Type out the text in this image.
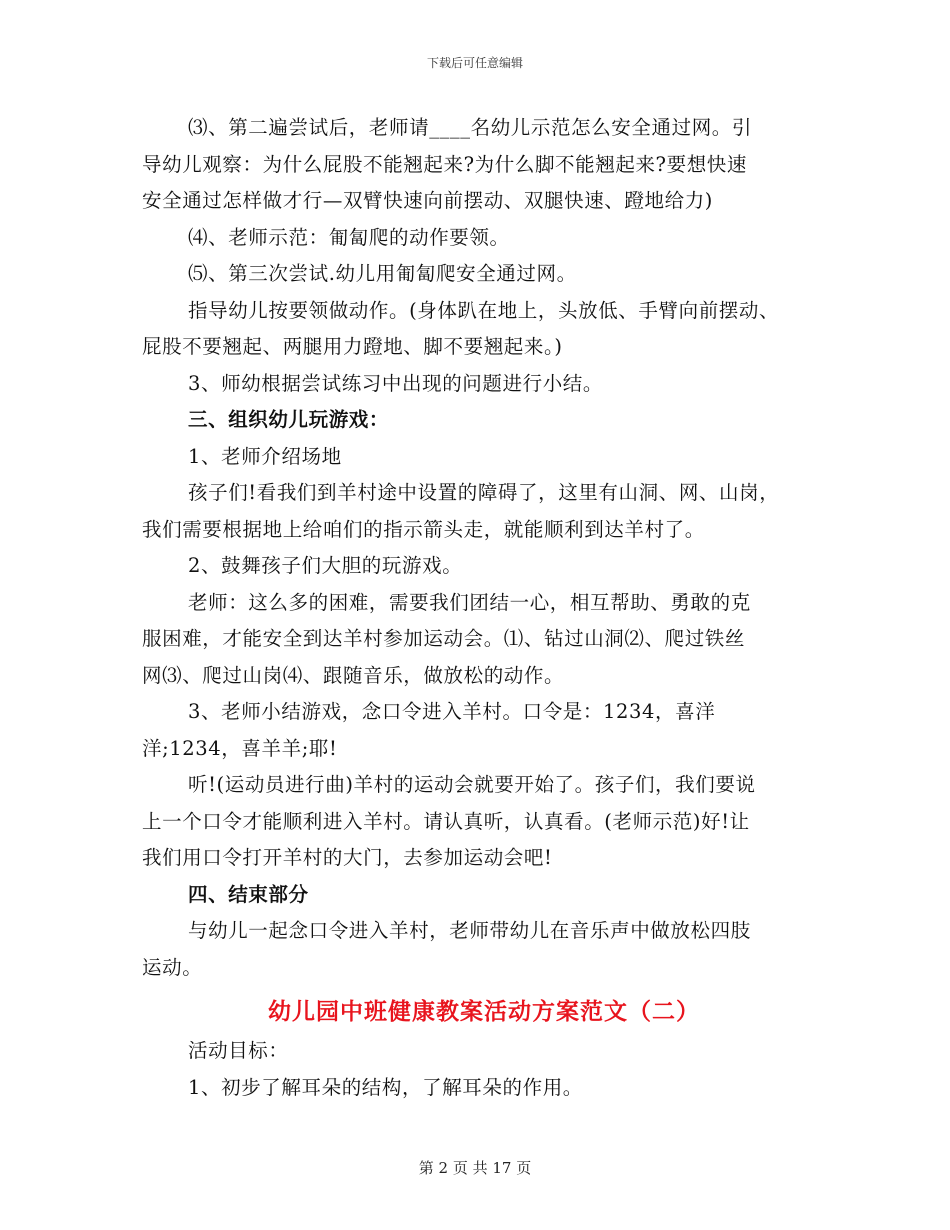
下载后可任意编辑
⑶、第二遍尝试后，老师请____名幼儿示范怎么安全通过网。引
导幼儿观察：为什么屁股不能翘起来?为什么脚不能翘起来?要想快速
安全通过怎样做才行—双臂快速向前摆动、双腿快速、蹬地给力)
⑷、老师示范：匍匐爬的动作要领。
⑸、第三次尝试.幼儿用匍匐爬安全通过网。
指导幼儿按要领做动作。(身体趴在地上，头放低、手臂向前摆动、
屁股不要翘起、两腿用力蹬地、脚不要翘起来。)
3、师幼根据尝试练习中出现的问题进行小结。
三、组织幼儿玩游戏：
1、老师介绍场地
孩子们!看我们到羊村途中设置的障碍了，这里有山洞、网、山岗，
我们需要根据地上给咱们的指示箭头走，就能顺利到达羊村了。
2、鼓舞孩子们大胆的玩游戏。
老师：这么多的困难，需要我们团结一心，相互帮助、勇敢的克
服困难，才能安全到达羊村参加运动会。⑴、钻过山洞⑵、爬过铁丝
网⑶、爬过山岗⑷、跟随音乐，做放松的动作。
3、老师小结游戏，念口令进入羊村。口令是：1234，喜洋
洋;1234，喜羊羊;耶!
听!(运动员进行曲)羊村的运动会就要开始了。孩子们，我们要说
上一个口令才能顺利进入羊村。请认真听，认真看。(老师示范)好!让
我们用口令打开羊村的大门，去参加运动会吧!
四、结束部分
与幼儿一起念口令进入羊村，老师带幼儿在音乐声中做放松四肢
运动。
幼儿园中班健康教案活动方案范文（二）
活动目标：
1、初步了解耳朵的结构，了解耳朵的作用。
第 2 页 共 17 页
